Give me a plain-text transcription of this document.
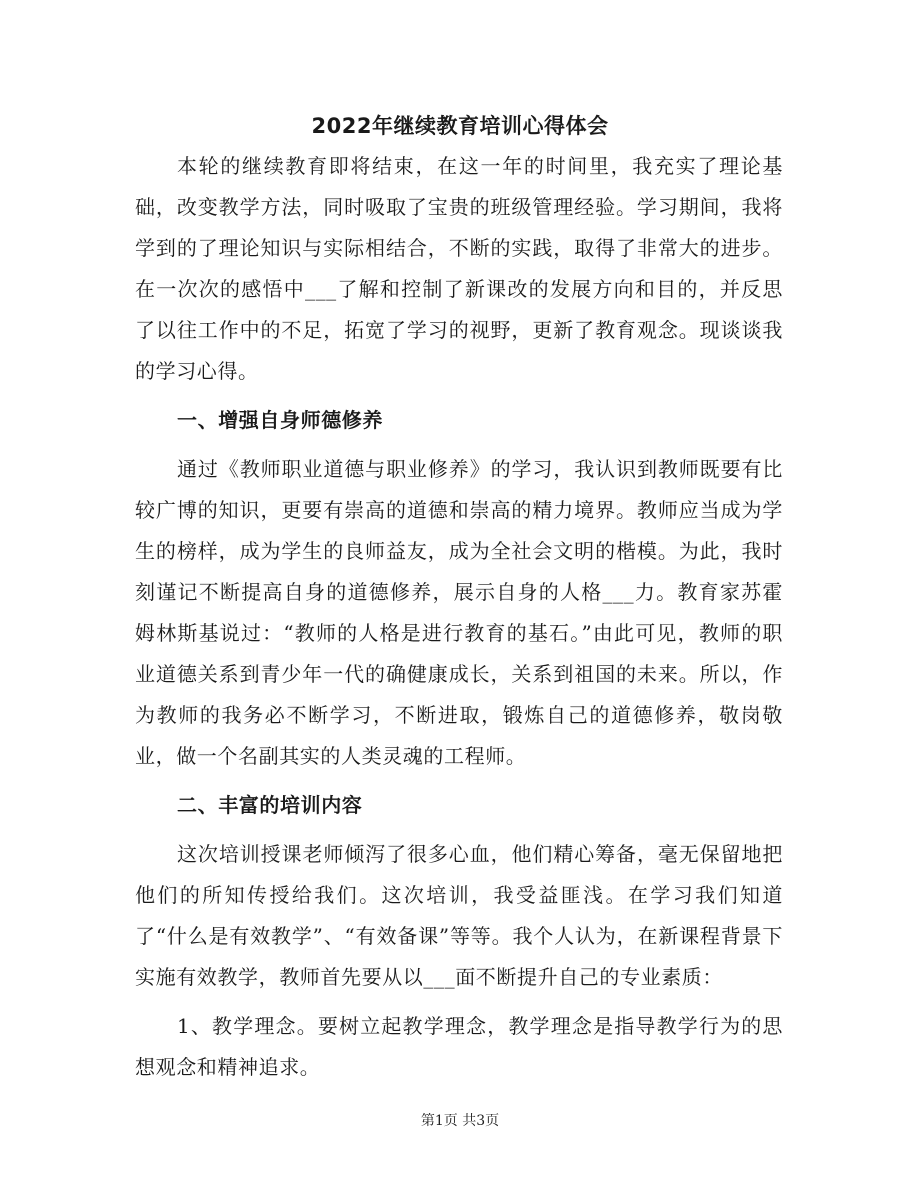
2022年继续教育培训心得体会

本轮的继续教育即将结束，在这一年的时间里，我充实了理论基础，改变教学方法，同时吸取了宝贵的班级管理经验。学习期间，我将学到的了理论知识与实际相结合，不断的实践，取得了非常大的进步。在一次次的感悟中___了解和控制了新课改的发展方向和目的，并反思了以往工作中的不足，拓宽了学习的视野，更新了教育观念。现谈谈我的学习心得。

一、增强自身师德修养

通过《教师职业道德与职业修养》的学习，我认识到教师既要有比较广博的知识，更要有崇高的道德和崇高的精力境界。教师应当成为学生的榜样，成为学生的良师益友，成为全社会文明的楷模。为此，我时刻谨记不断提高自身的道德修养，展示自身的人格___力。教育家苏霍姆林斯基说过：“教师的人格是进行教育的基石。”由此可见，教师的职业道德关系到青少年一代的确健康成长，关系到祖国的未来。所以，作为教师的我务必不断学习，不断进取，锻炼自己的道德修养，敬岗敬业，做一个名副其实的人类灵魂的工程师。

二、丰富的培训内容

这次培训授课老师倾泻了很多心血，他们精心筹备，毫无保留地把他们的所知传授给我们。这次培训，我受益匪浅。在学习我们知道了“什么是有效教学”、“有效备课”等等。我个人认为，在新课程背景下实施有效教学，教师首先要从以___面不断提升自己的专业素质：

1、教学理念。要树立起教学理念，教学理念是指导教学行为的思想观念和精神追求。

第1页 共3页
